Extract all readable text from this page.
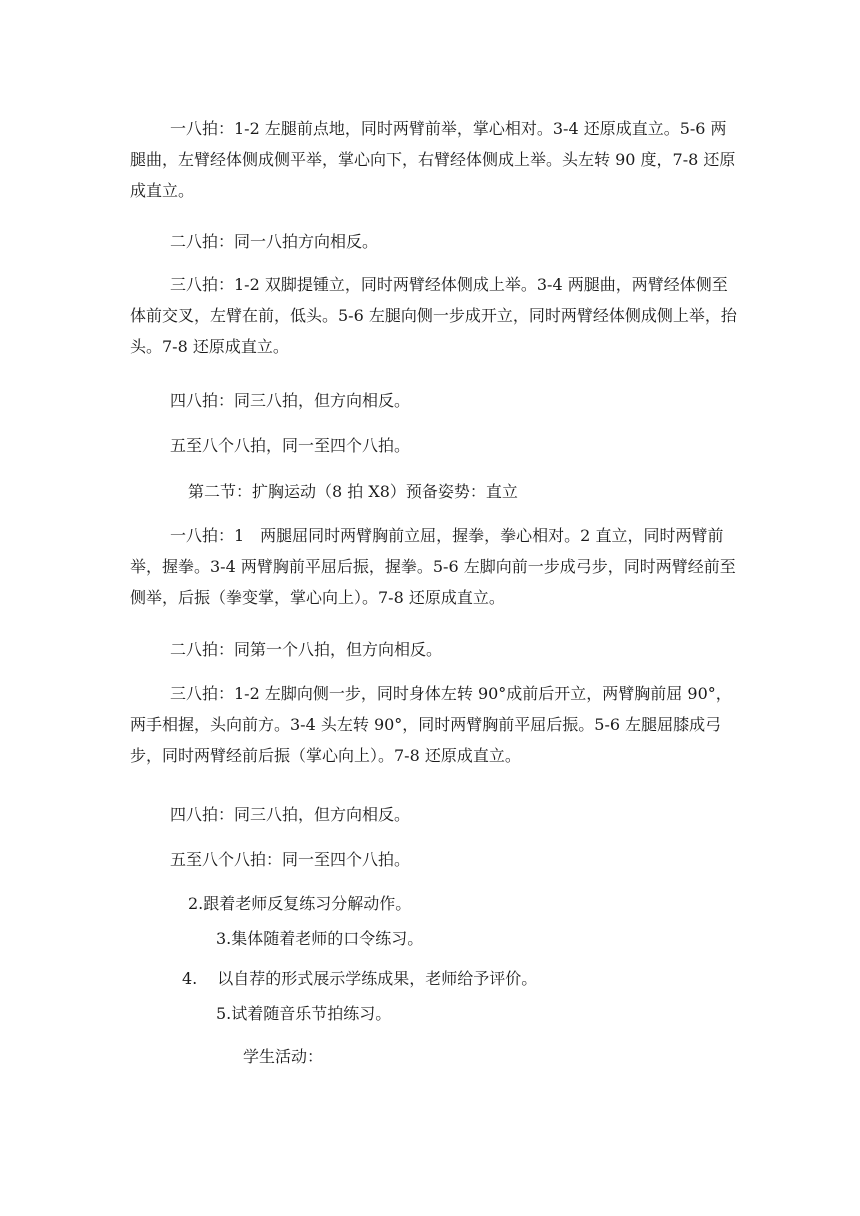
一八拍：1-2 左腿前点地，同时两臂前举，掌心相对。3-4 还原成直立。5-6 两腿曲，左臂经体侧成侧平举，掌心向下，右臂经体侧成上举。头左转 90 度，7-8 还原成直立。

二八拍：同一八拍方向相反。

三八拍：1-2 双脚提锺立，同时两臂经体侧成上举。3-4 两腿曲，两臂经体侧至体前交叉，左臂在前，低头。5-6 左腿向侧一步成开立，同时两臂经体侧成侧上举，抬头。7-8 还原成直立。

四八拍：同三八拍，但方向相反。

五至八个八拍，同一至四个八拍。

第二节：扩胸运动（8 拍 X8）预备姿势：直立

一八拍：1　两腿屈同时两臂胸前立屈，握拳，拳心相对。2 直立，同时两臂前举，握拳。3-4 两臂胸前平屈后振，握拳。5-6 左脚向前一步成弓步，同时两臂经前至侧举，后振（拳变掌，掌心向上）。7-8 还原成直立。

二八拍：同第一个八拍，但方向相反。

三八拍：1-2 左脚向侧一步，同时身体左转 90°成前后开立，两臂胸前屈 90°，两手相握，头向前方。3-4 头左转 90°，同时两臂胸前平屈后振。5-6 左腿屈膝成弓步，同时两臂经前后振（掌心向上）。7-8 还原成直立。

四八拍：同三八拍，但方向相反。

五至八个八拍：同一至四个八拍。

2.跟着老师反复练习分解动作。

3.集体随着老师的口令练习。

4. 以自荐的形式展示学练成果，老师给予评价。

5.试着随音乐节拍练习。

学生活动：
